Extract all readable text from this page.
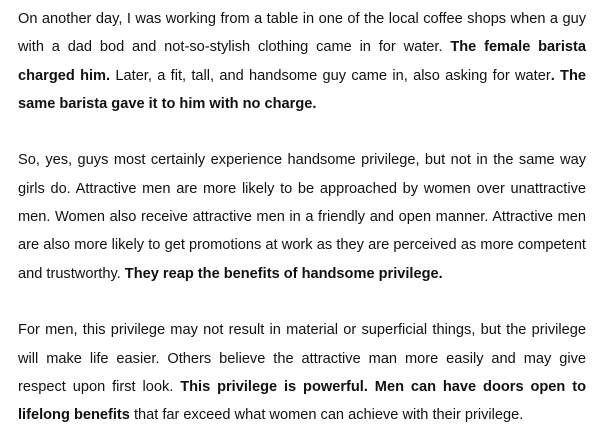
On another day, I was working from a table in one of the local coffee shops when a guy with a dad bod and not-so-stylish clothing came in for water. The female barista charged him. Later, a fit, tall, and handsome guy came in, also asking for water. The same barista gave it to him with no charge.

So, yes, guys most certainly experience handsome privilege, but not in the same way girls do. Attractive men are more likely to be approached by women over unattractive men. Women also receive attractive men in a friendly and open manner. Attractive men are also more likely to get promotions at work as they are perceived as more competent and trustworthy. They reap the benefits of handsome privilege.

For men, this privilege may not result in material or superficial things, but the privilege will make life easier. Others believe the attractive man more easily and may give respect upon first look. This privilege is powerful. Men can have doors open to lifelong benefits that far exceed what women can achieve with their privilege.
